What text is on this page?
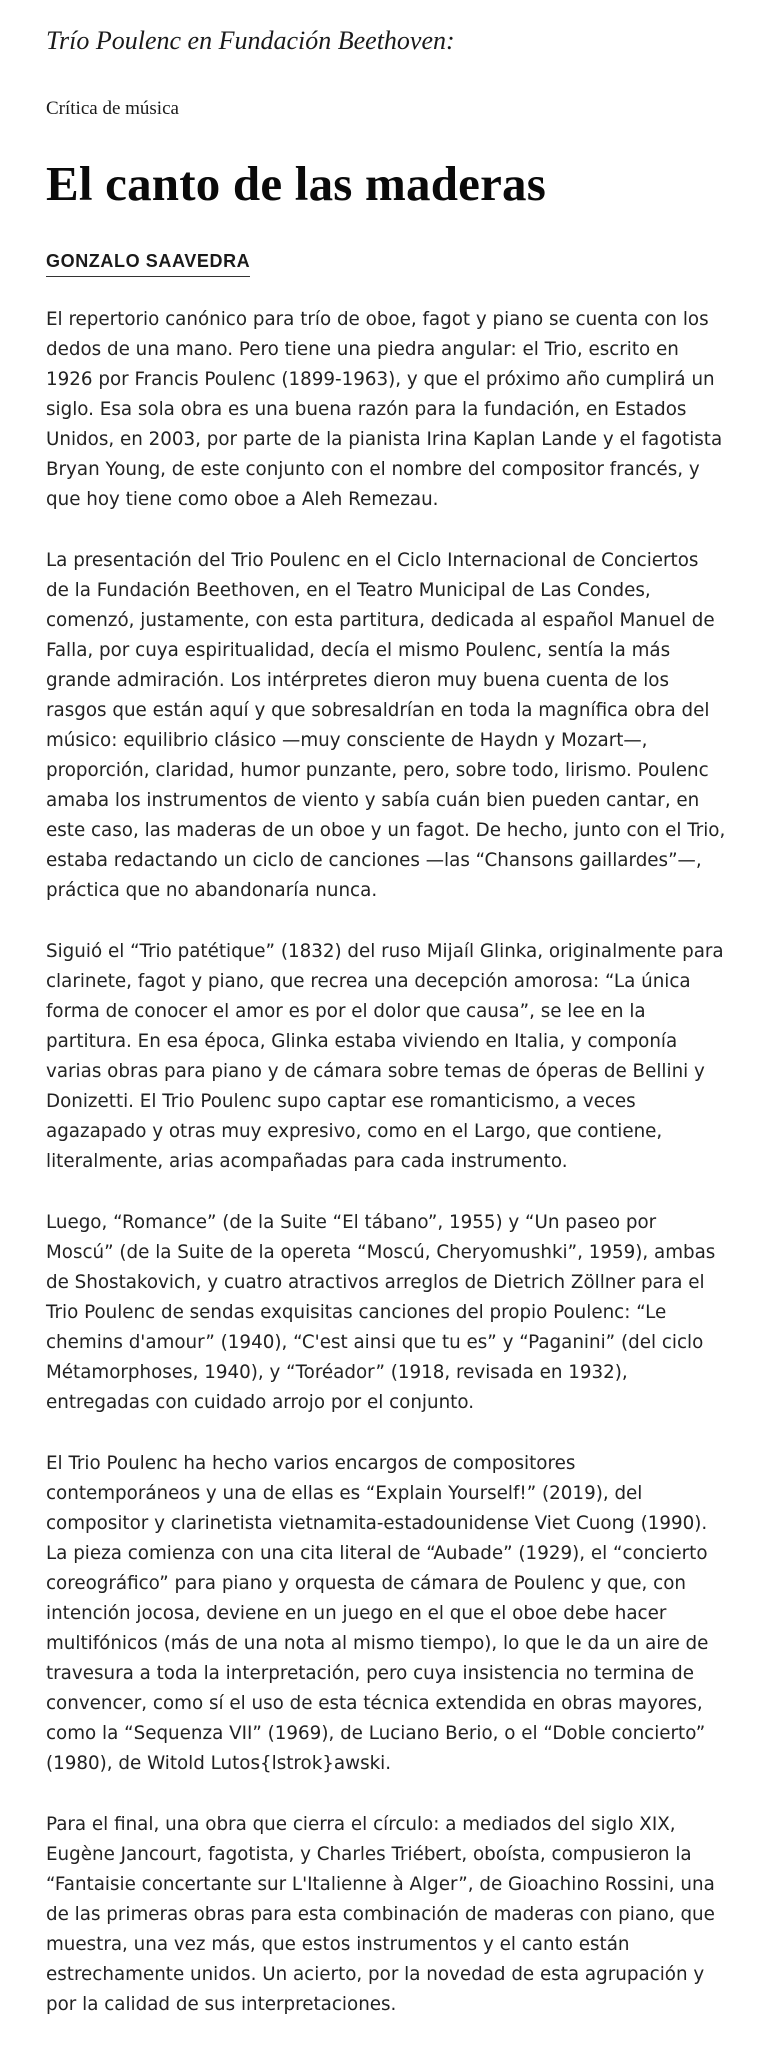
Trío Poulenc en Fundación Beethoven:
Crítica de música
El canto de las maderas
GONZALO SAAVEDRA

El repertorio canónico para trío de oboe, fagot y piano se cuenta con los dedos de una mano. Pero tiene una piedra angular: el Trio, escrito en 1926 por Francis Poulenc (1899-1963), y que el próximo año cumplirá un siglo. Esa sola obra es una buena razón para la fundación, en Estados Unidos, en 2003, por parte de la pianista Irina Kaplan Lande y el fagotista Bryan Young, de este conjunto con el nombre del compositor francés, y que hoy tiene como oboe a Aleh Remezau.

La presentación del Trio Poulenc en el Ciclo Internacional de Conciertos de la Fundación Beethoven, en el Teatro Municipal de Las Condes, comenzó, justamente, con esta partitura, dedicada al español Manuel de Falla, por cuya espiritualidad, decía el mismo Poulenc, sentía la más grande admiración. Los intérpretes dieron muy buena cuenta de los rasgos que están aquí y que sobresaldrían en toda la magnífica obra del músico: equilibrio clásico —muy consciente de Haydn y Mozart—, proporción, claridad, humor punzante, pero, sobre todo, lirismo. Poulenc amaba los instrumentos de viento y sabía cuán bien pueden cantar, en este caso, las maderas de un oboe y un fagot. De hecho, junto con el Trio, estaba redactando un ciclo de canciones —las “Chansons gaillardes”—, práctica que no abandonaría nunca.

Siguió el “Trio patétique” (1832) del ruso Mijaíl Glinka, originalmente para clarinete, fagot y piano, que recrea una decepción amorosa: “La única forma de conocer el amor es por el dolor que causa”, se lee en la partitura. En esa época, Glinka estaba viviendo en Italia, y componía varias obras para piano y de cámara sobre temas de óperas de Bellini y Donizetti. El Trio Poulenc supo captar ese romanticismo, a veces agazapado y otras muy expresivo, como en el Largo, que contiene, literalmente, arias acompañadas para cada instrumento.

Luego, “Romance” (de la Suite “El tábano”, 1955) y “Un paseo por Moscú” (de la Suite de la opereta “Moscú, Cheryomushki”, 1959), ambas de Shostakovich, y cuatro atractivos arreglos de Dietrich Zöllner para el Trio Poulenc de sendas exquisitas canciones del propio Poulenc: “Le chemins d'amour” (1940), “C'est ainsi que tu es” y “Paganini” (del ciclo Métamorphoses, 1940), y “Toréador” (1918, revisada en 1932), entregadas con cuidado arrojo por el conjunto.

El Trio Poulenc ha hecho varios encargos de compositores contemporáneos y una de ellas es “Explain Yourself!” (2019), del compositor y clarinetista vietnamita-estadounidense Viet Cuong (1990). La pieza comienza con una cita literal de “Aubade” (1929), el “concierto coreográfico” para piano y orquesta de cámara de Poulenc y que, con intención jocosa, deviene en un juego en el que el oboe debe hacer multifónicos (más de una nota al mismo tiempo), lo que le da un aire de travesura a toda la interpretación, pero cuya insistencia no termina de convencer, como sí el uso de esta técnica extendida en obras mayores, como la “Sequenza VII” (1969), de Luciano Berio, o el “Doble concierto” (1980), de Witold Lutos{lstrok}awski.

Para el final, una obra que cierra el círculo: a mediados del siglo XIX, Eugène Jancourt, fagotista, y Charles Triébert, oboísta, compusieron la “Fantaisie concertante sur L'Italienne à Alger”, de Gioachino Rossini, una de las primeras obras para esta combinación de maderas con piano, que muestra, una vez más, que estos instrumentos y el canto están estrechamente unidos. Un acierto, por la novedad de esta agrupación y por la calidad de sus interpretaciones.
